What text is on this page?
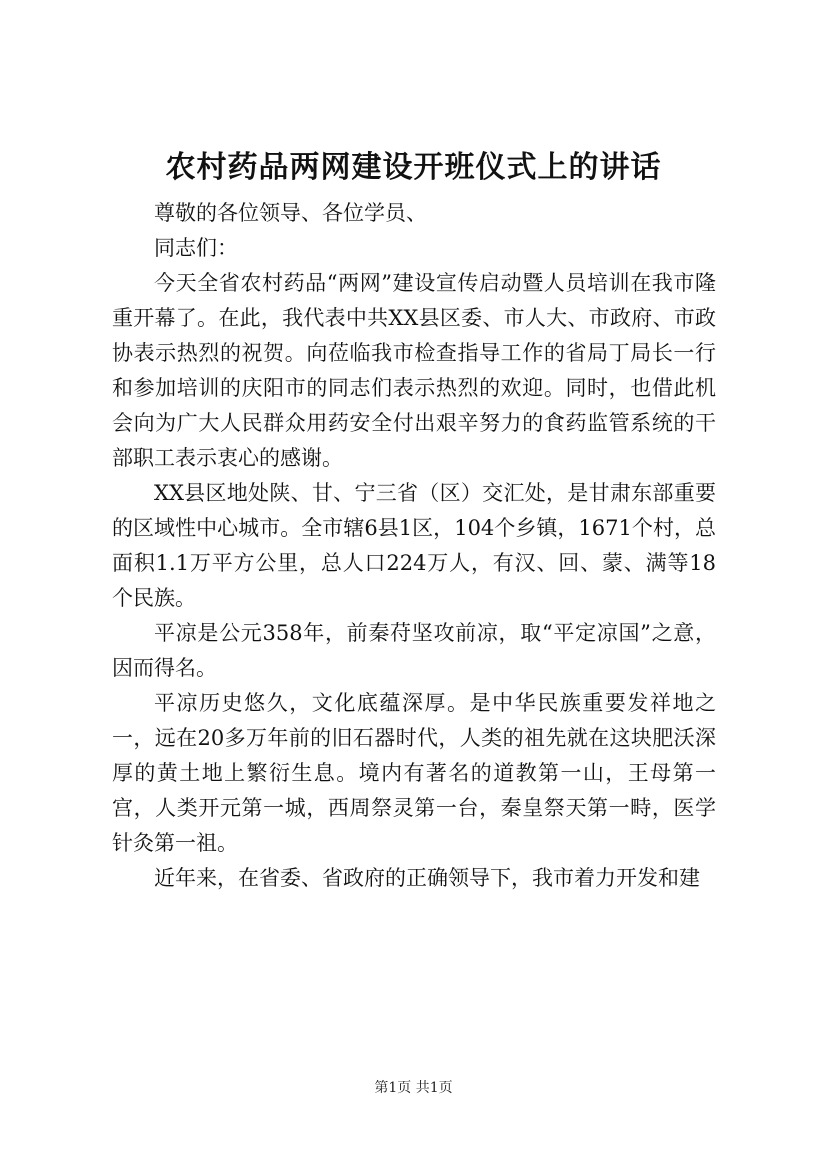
农村药品两网建设开班仪式上的讲话

尊敬的各位领导、各位学员、

同志们：

今天全省农村药品“两网”建设宣传启动暨人员培训在我市隆重开幕了。在此，我代表中共XX县区委、市人大、市政府、市政协表示热烈的祝贺。向莅临我市检查指导工作的省局丁局长一行和参加培训的庆阳市的同志们表示热烈的欢迎。同时，也借此机会向为广大人民群众用药安全付出艰辛努力的食药监管系统的干部职工表示衷心的感谢。

XX县区地处陕、甘、宁三省（区）交汇处，是甘肃东部重要的区域性中心城市。全市辖6县1区，104个乡镇，1671个村，总面积1.1万平方公里，总人口224万人，有汉、回、蒙、满等18个民族。

平凉是公元358年，前秦苻坚攻前凉，取“平定凉国”之意，因而得名。

平凉历史悠久，文化底蕴深厚。是中华民族重要发祥地之一，远在20多万年前的旧石器时代，人类的祖先就在这块肥沃深厚的黄土地上繁衍生息。境内有著名的道教第一山，王母第一宫，人类开元第一城，西周祭灵第一台，秦皇祭天第一畤，医学针灸第一祖。

近年来，在省委、省政府的正确领导下，我市着力开发和建

第1页 共1页
